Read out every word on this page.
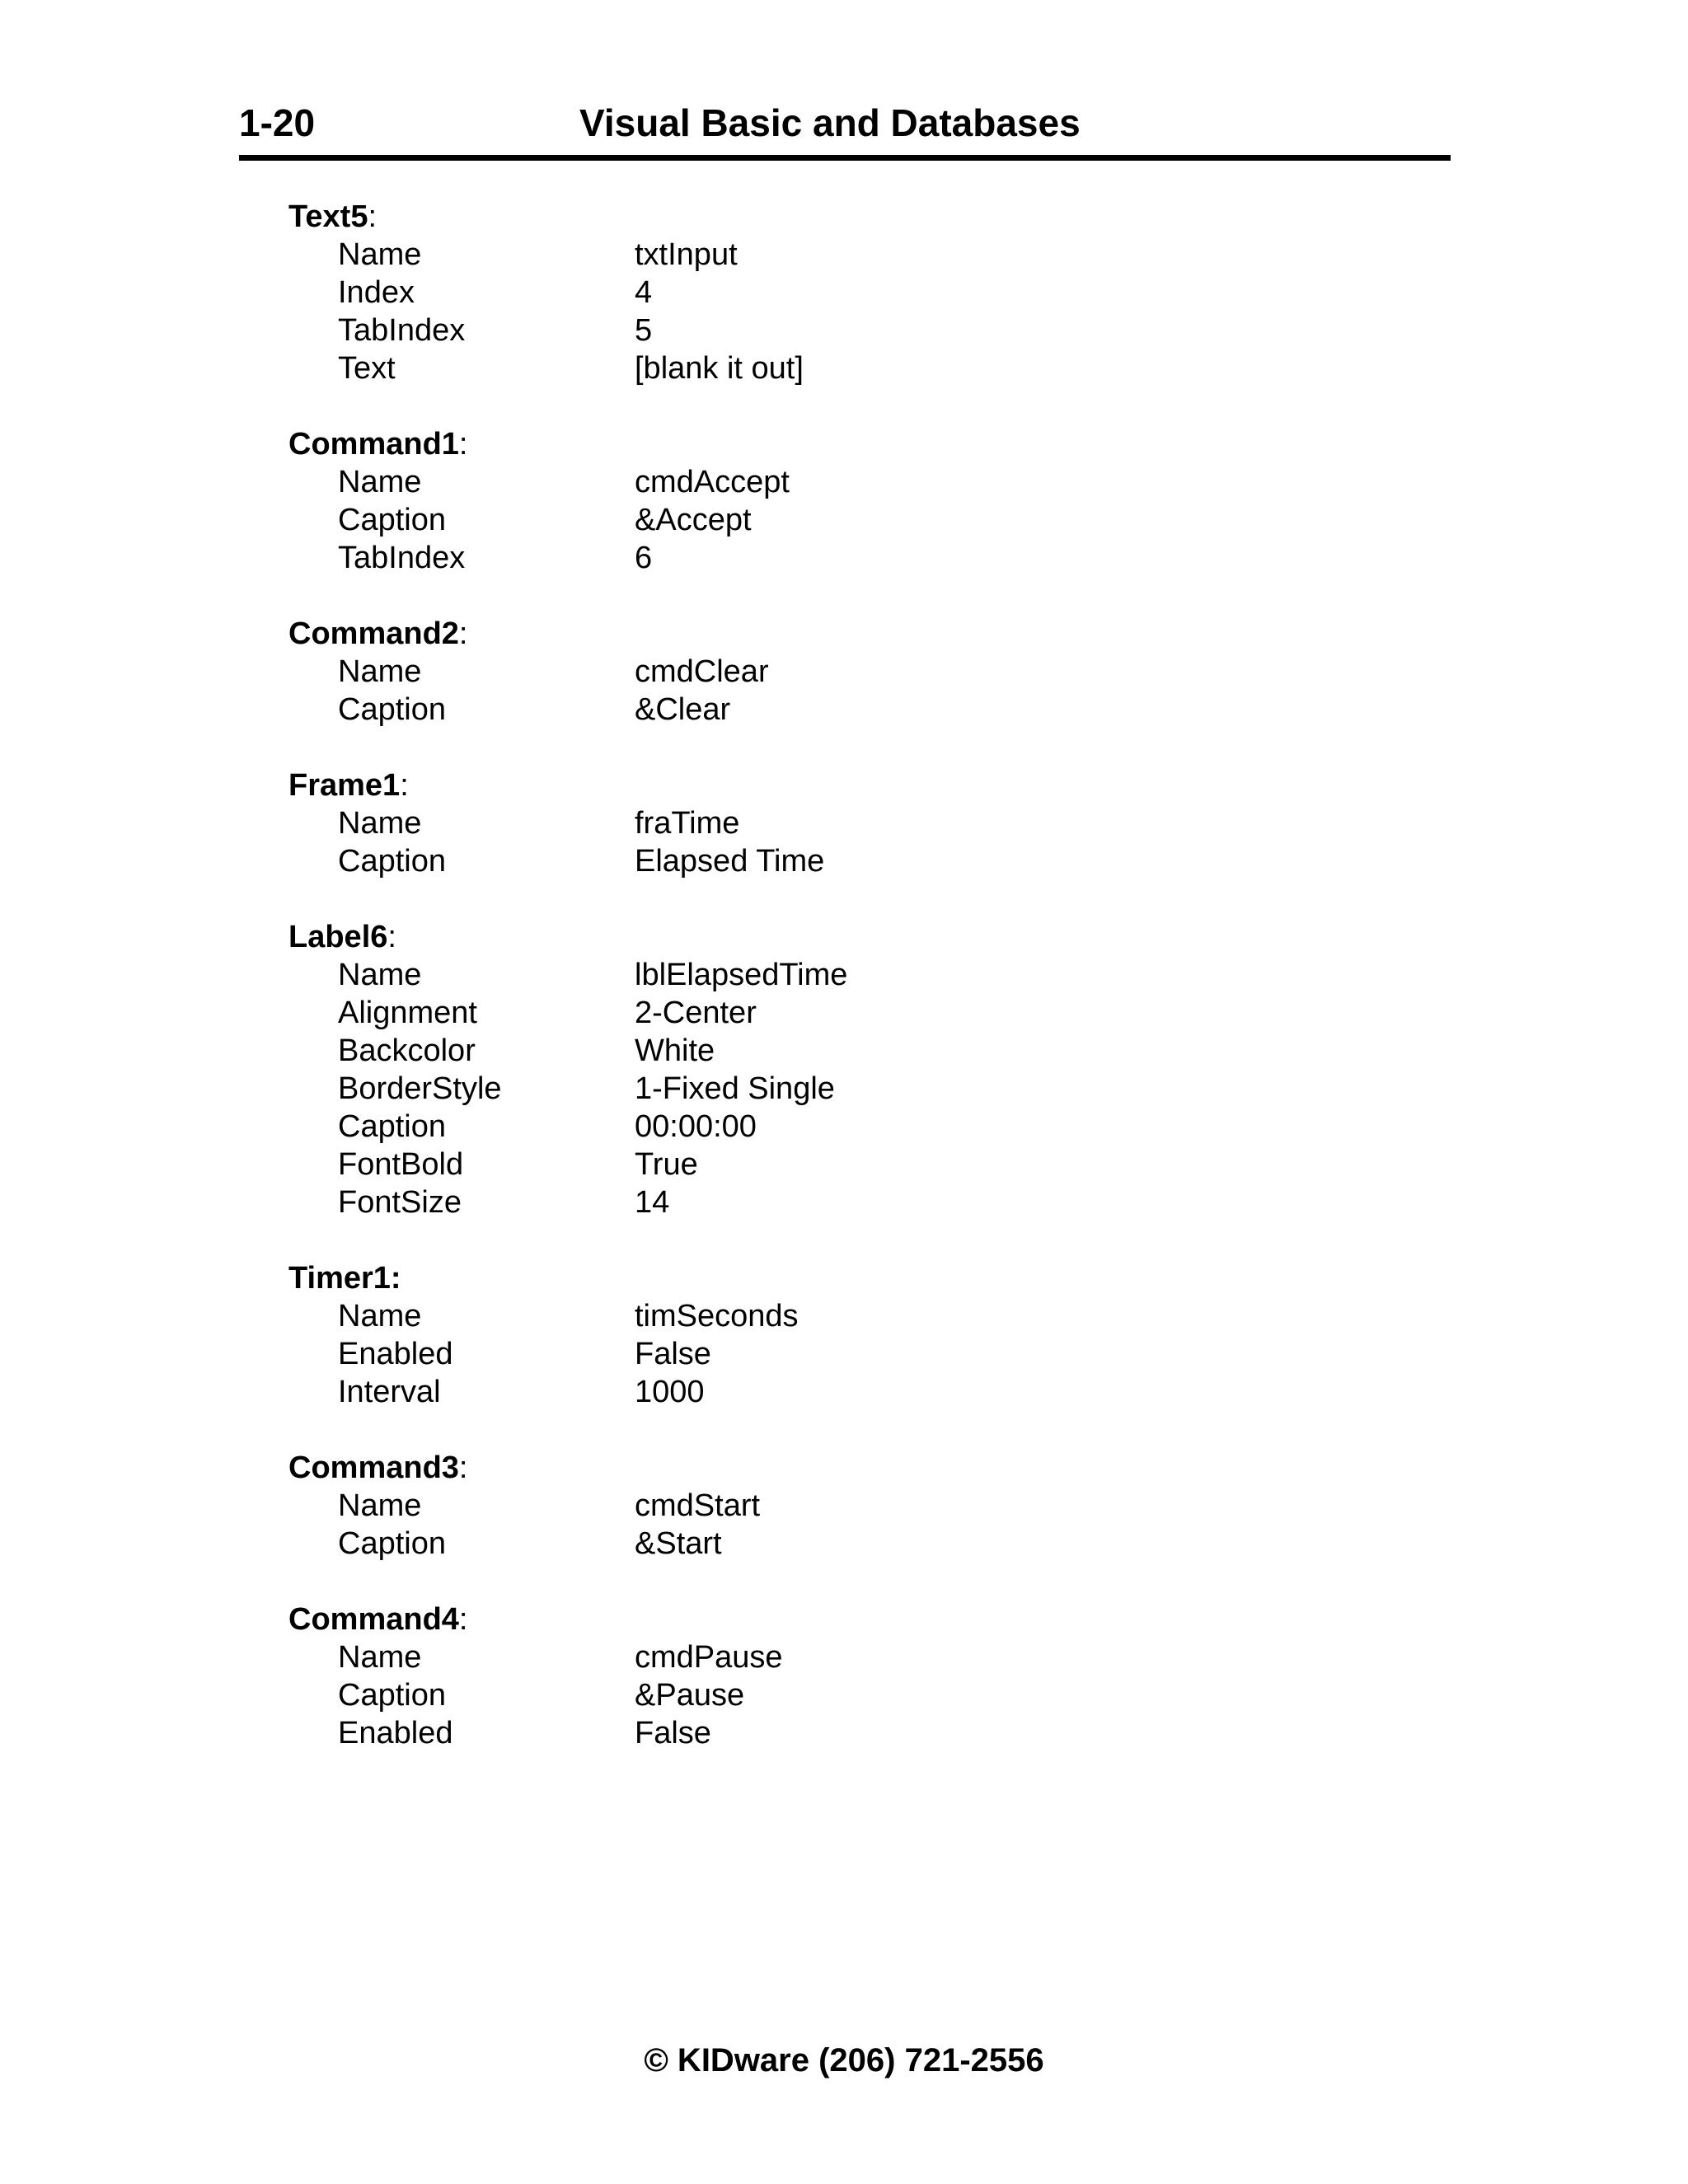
1-20	Visual Basic and Databases
Text5:
Name	txtInput
Index	4
TabIndex	5
Text	[blank it out]
Command1:
Name	cmdAccept
Caption	&Accept
TabIndex	6
Command2:
Name	cmdClear
Caption	&Clear
Frame1:
Name	fraTime
Caption	Elapsed Time
Label6:
Name	lblElapsedTime
Alignment	2-Center
Backcolor	White
BorderStyle	1-Fixed Single
Caption	00:00:00
FontBold	True
FontSize	14
Timer1:
Name	timSeconds
Enabled	False
Interval	1000
Command3:
Name	cmdStart
Caption	&Start
Command4:
Name	cmdPause
Caption	&Pause
Enabled	False
© KIDware (206) 721-2556
